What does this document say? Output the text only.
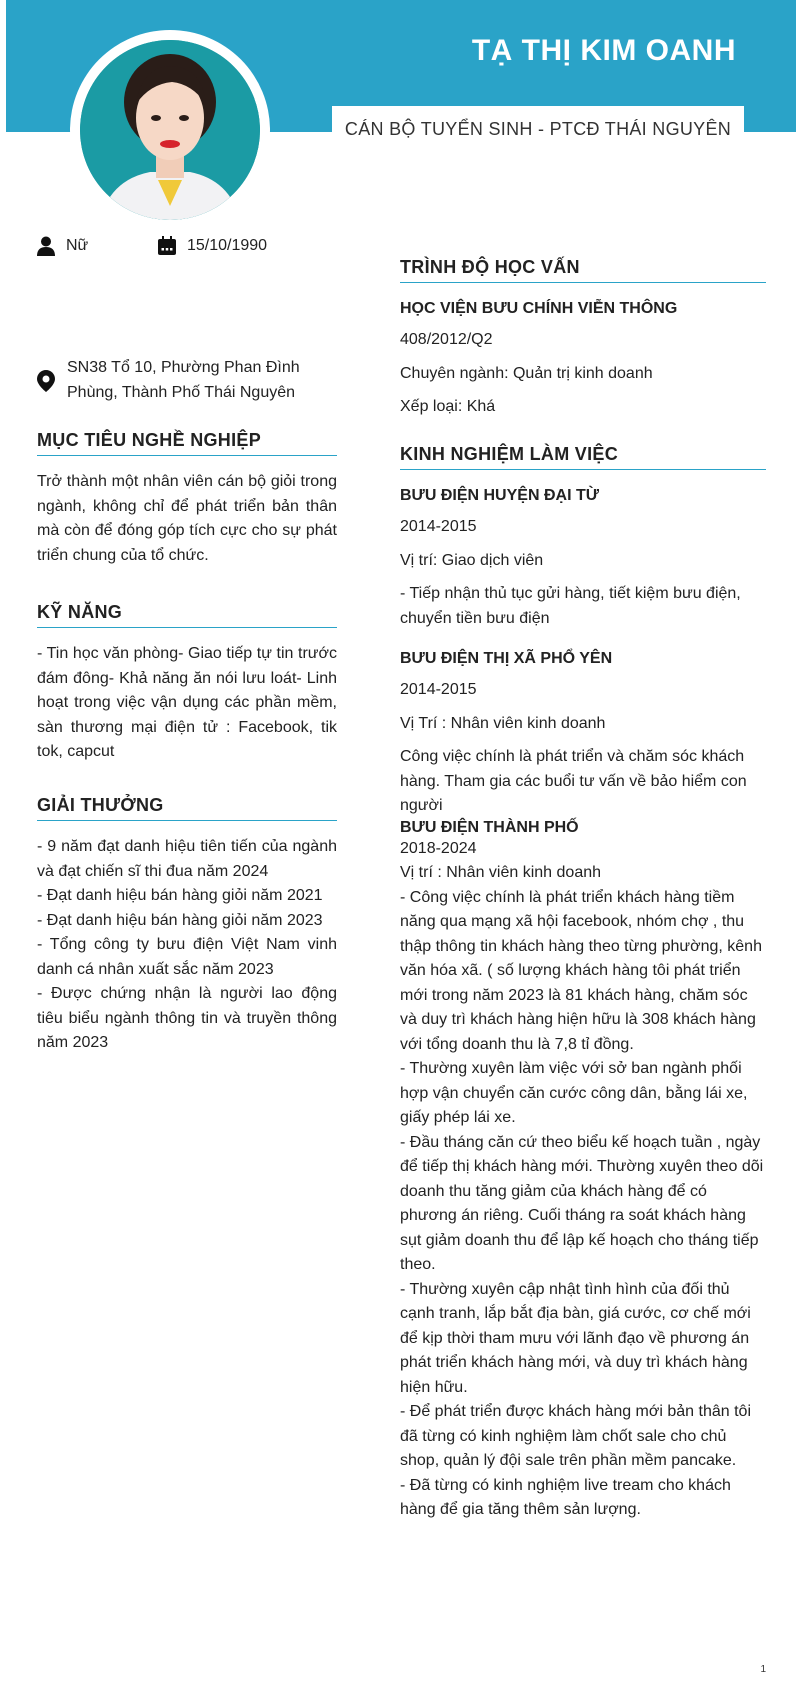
TẠ THỊ KIM OANH
CÁN BỘ TUYỂN SINH - PTCĐ THÁI NGUYÊN
Nữ	15/10/1990
SN38 Tổ 10, Phường Phan Đình Phùng, Thành Phố Thái Nguyên
MỤC TIÊU NGHỀ NGHIỆP
Trở thành một nhân viên cán bộ giỏi trong ngành, không chỉ để phát triển bản thân mà còn để đóng góp tích cực cho sự phát triển chung của tổ chức.
KỸ NĂNG
- Tin học văn phòng- Giao tiếp tự tin trước đám đông- Khả năng ăn nói lưu loát- Linh hoạt trong việc vận dụng các phần mềm, sàn thương mại điện tử : Facebook, tik tok, capcut
GIẢI THƯỞNG
- 9 năm đạt danh hiệu tiên tiến của ngành và đạt chiến sĩ thi đua năm 2024
- Đạt danh hiệu bán hàng giỏi năm 2021
- Đạt danh hiệu bán hàng giỏi năm 2023
- Tổng công ty bưu điện Việt Nam vinh danh cá nhân xuất sắc năm 2023
- Được chứng nhận là người lao động tiêu biểu ngành thông tin và truyền thông năm 2023
TRÌNH ĐỘ HỌC VẤN
HỌC VIỆN BƯU CHÍNH VIỄN THÔNG
408/2012/Q2
Chuyên ngành: Quản trị kinh doanh
Xếp loại: Khá
KINH NGHIỆM LÀM VIỆC
BƯU ĐIỆN HUYỆN ĐẠI TỪ
2014-2015
Vị trí: Giao dịch viên
- Tiếp nhận thủ tục gửi hàng, tiết kiệm bưu điện, chuyển tiền bưu điện
BƯU ĐIỆN THỊ XÃ PHỔ YÊN
2014-2015
Vị Trí : Nhân viên kinh doanh
Công việc chính là phát triển và chăm sóc khách hàng. Tham gia các buổi tư vấn về bảo hiểm con người
BƯU ĐIỆN THÀNH PHỐ
2018-2024
Vị trí : Nhân viên kinh doanh
- Công việc chính là phát triển khách hàng tiềm năng qua mạng xã hội facebook, nhóm chợ , thu thập thông tin khách hàng theo từng phường, kênh văn hóa xã. ( số lượng khách hàng tôi phát triển mới trong năm 2023 là 81 khách hàng, chăm sóc và duy trì khách hàng hiện hữu là 308 khách hàng với tổng doanh thu là 7,8 tỉ đồng.
- Thường xuyên làm việc với sở ban ngành phối hợp vận chuyển căn cước công dân, bằng lái xe, giấy phép lái xe.
- Đầu tháng căn cứ theo biểu kế hoạch tuần , ngày để tiếp thị khách hàng mới. Thường xuyên theo dõi doanh thu tăng giảm của khách hàng để có phương án riêng. Cuối tháng ra soát khách hàng sụt giảm doanh thu để lập kế hoạch cho tháng tiếp theo.
- Thường xuyên cập nhật tình hình của đối thủ cạnh tranh, lắp bắt địa bàn, giá cước, cơ chế mới để kịp thời tham mưu với lãnh đạo về phương án phát triển khách hàng mới, và duy trì khách hàng hiện hữu.
- Để phát triển được khách hàng mới bản thân tôi đã từng có kinh nghiệm làm chốt sale cho chủ shop, quản lý đội sale trên phần mềm pancake.
- Đã từng có kinh nghiệm live tream cho khách hàng để gia tăng thêm sản lượng.
1
